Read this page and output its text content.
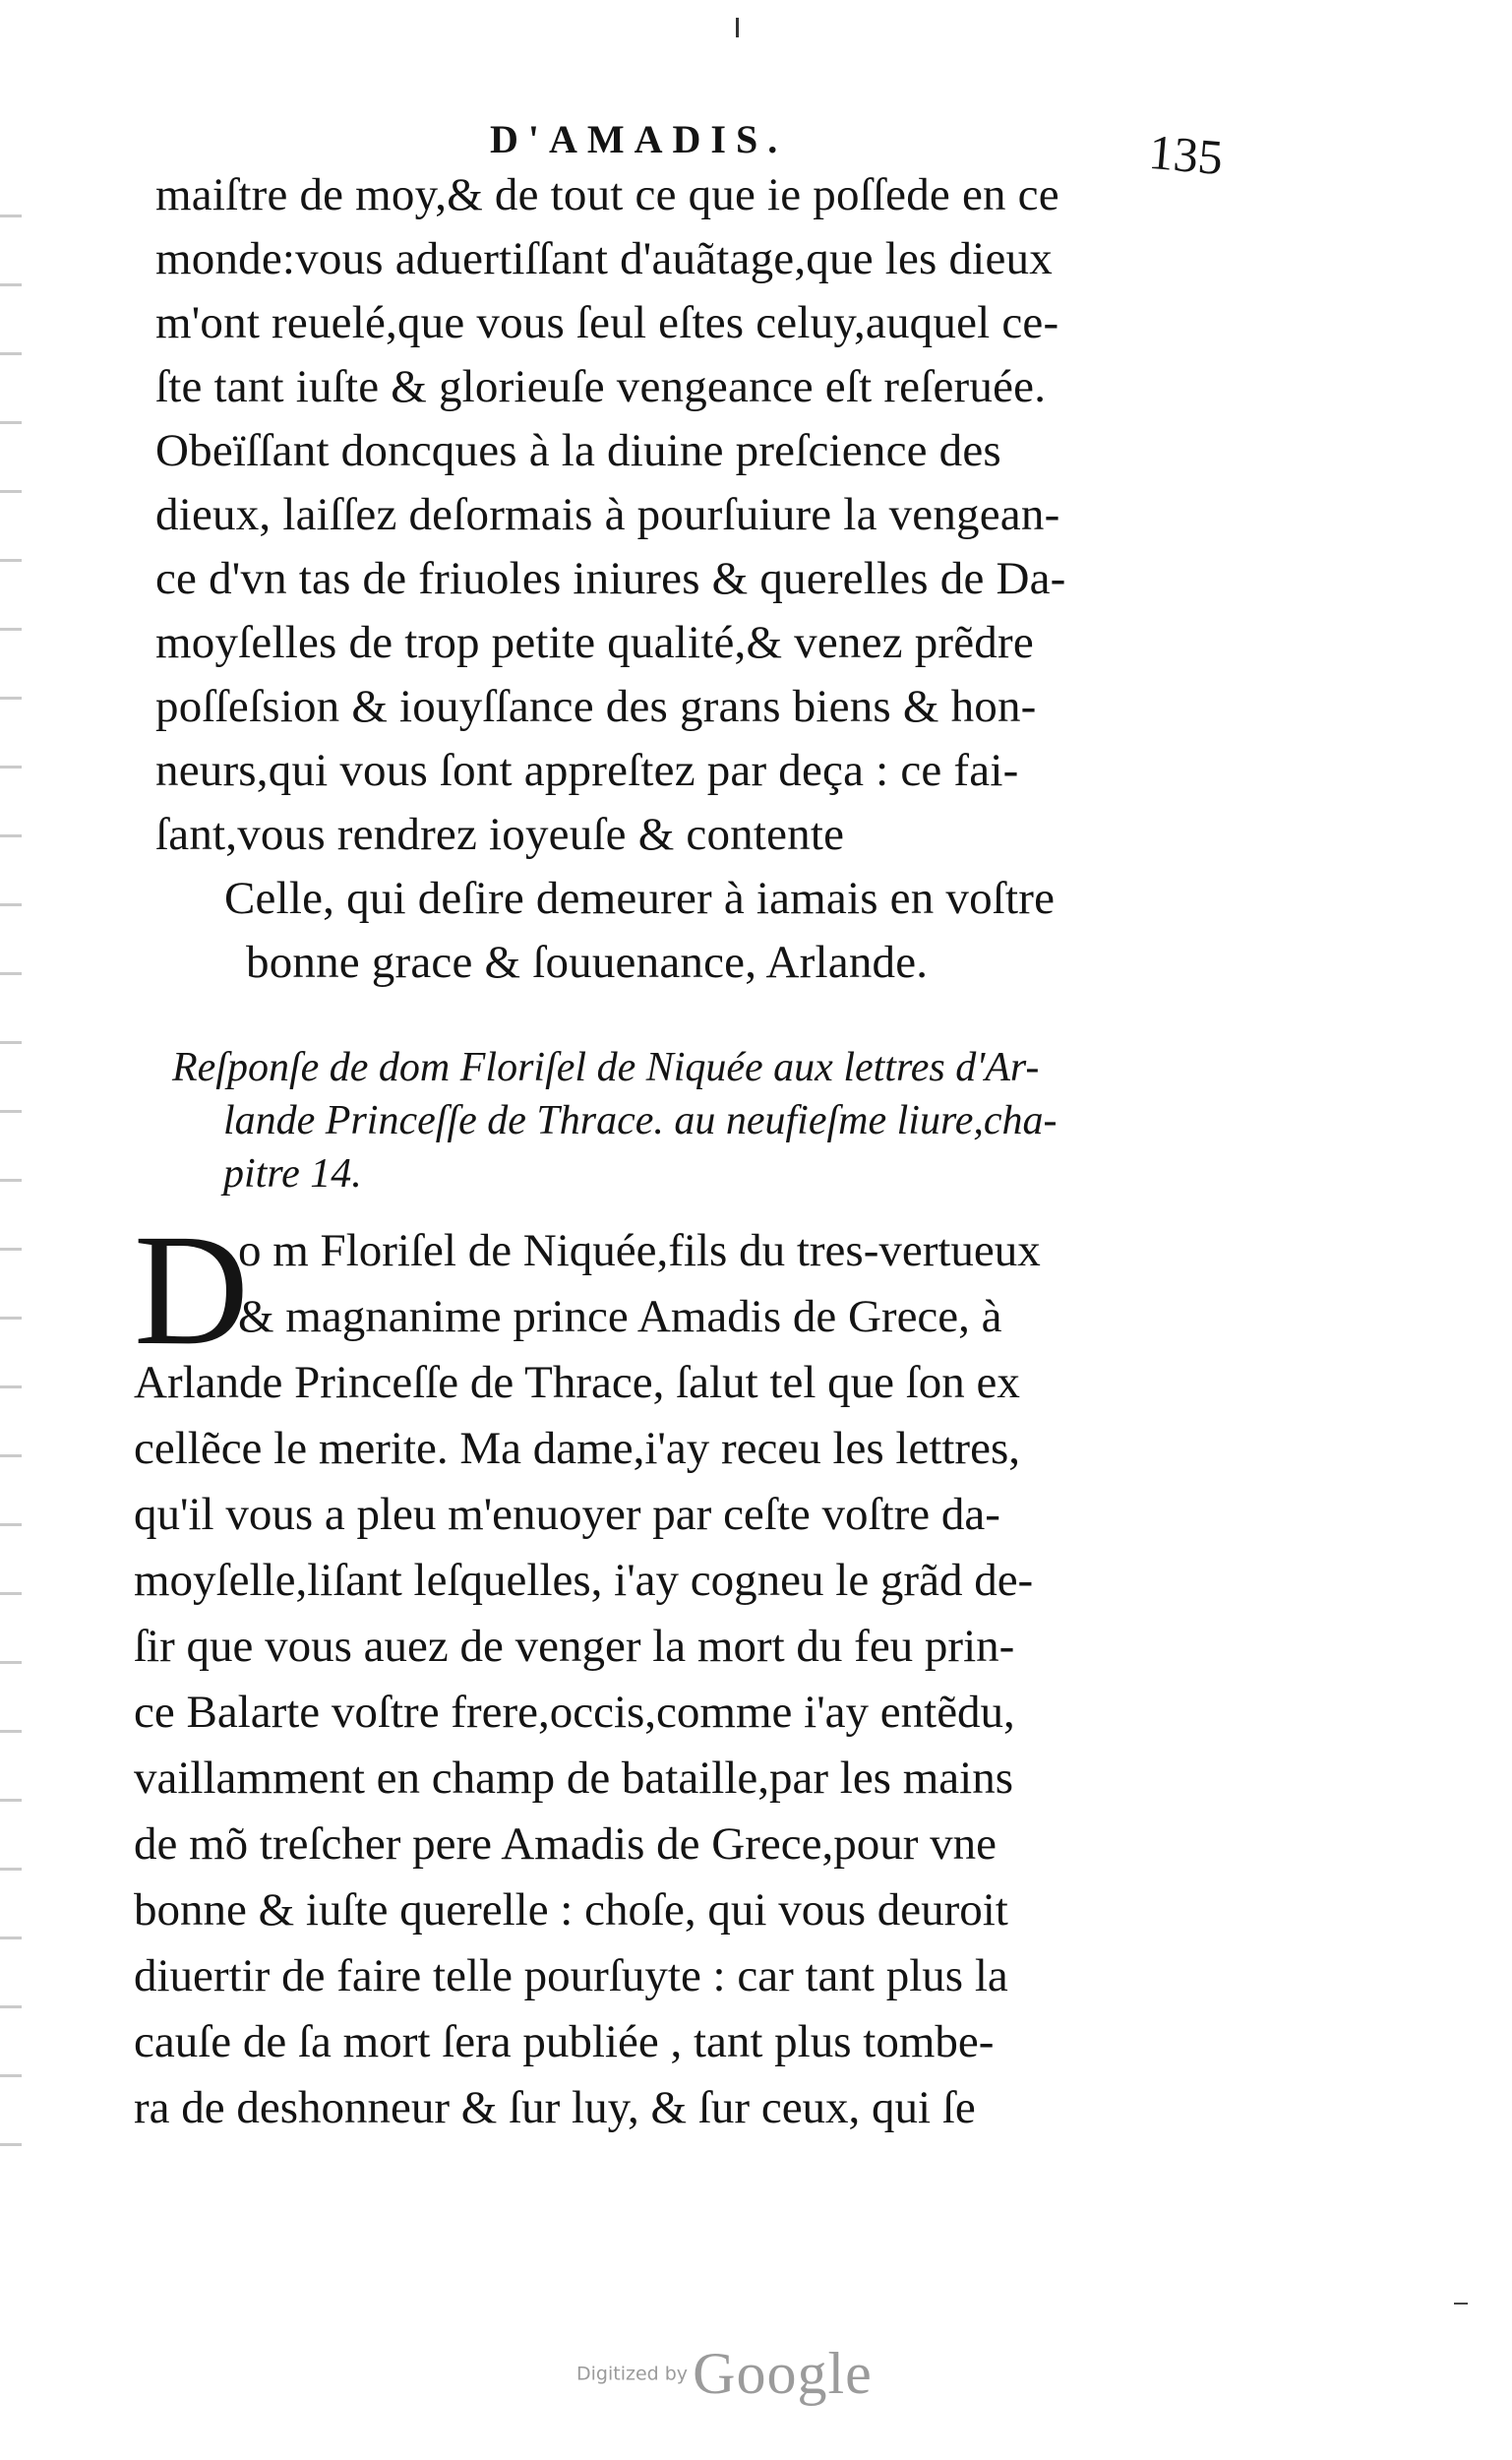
D'AMADIS.	135
maiſtre de moy,& de tout ce que ie poſſede en ce
monde:vous aduertiſſant d'auãtage,que les dieux
m'ont reuelé,que vous ſeul eſtes celuy,auquel ce-
ſte tant iuſte & glorieuſe vengeance eſt reſeruée.
Obeïſſant doncques à la diuine preſcience des
dieux, laiſſez deſormais à pourſuiure la vengean-
ce d'vn tas de friuoles iniures & querelles de Da-
moyſelles de trop petite qualité,& venez prẽdre
poſſeſsion & iouyſſance des grans biens & hon-
neurs,qui vous ſont appreſtez par deça : ce fai-
ſant,vous rendrez ioyeuſe & contente
Celle, qui deſire demeurer à iamais en voſtre
bonne grace & ſouuenance, Arlande.
Reſponſe de dom Floriſel de Niquée aux lettres d'Ar-
lande Princeſſe de Thrace. au neufieſme liure,cha-
pitre 14.
D
o m Floriſel de Niquée,fils du tres-vertueux
& magnanime prince Amadis de Grece, à
Arlande Princeſſe de Thrace, ſalut tel que ſon ex
cellẽce le merite. Ma dame,i'ay receu les lettres,
qu'il vous a pleu m'enuoyer par ceſte voſtre da-
moyſelle,liſant leſquelles, i'ay cogneu le grãd de-
ſir que vous auez de venger la mort du feu prin-
ce Balarte voſtre frere,occis,comme i'ay entẽdu,
vaillamment en champ de bataille,par les mains
de mõ treſcher pere Amadis de Grece,pour vne
bonne & iuſte querelle : choſe, qui vous deuroit
diuertir de faire telle pourſuyte : car tant plus la
cauſe de ſa mort ſera publiée , tant plus tombe-
ra de deshonneur & ſur luy, & ſur ceux, qui ſe
Digitized by Google
